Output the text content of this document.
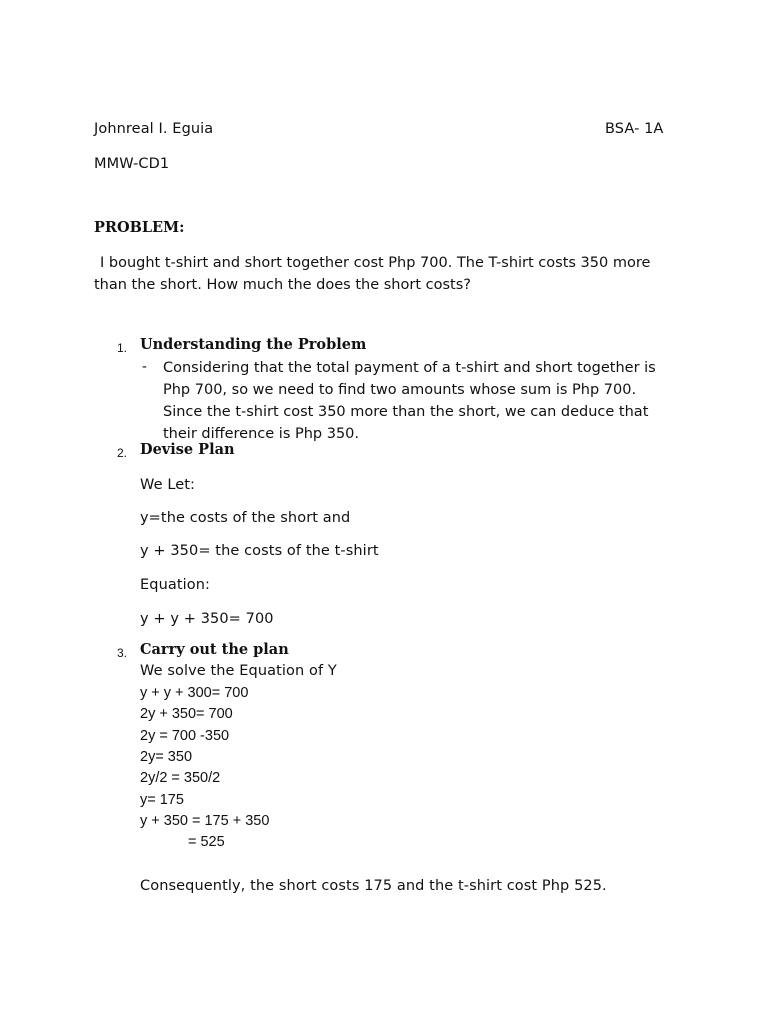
Johnreal I. Eguia	BSA- 1A
MMW-CD1
PROBLEM:
I bought t-shirt and short together cost Php 700. The T-shirt costs 350 more than the short. How much the does the short costs?
1. Understanding the Problem
- Considering that the total payment of a t-shirt and short together is Php 700, so we need to find two amounts whose sum is Php 700. Since the t-shirt cost 350 more than the short, we can deduce that their difference is Php 350.
2. Devise Plan
We Let:
y=the costs of the short and
y + 350= the costs of the t-shirt
Equation:
y + y + 350= 700
3. Carry out the plan
We solve the Equation of Y
y + y + 300= 700
2y + 350= 700
2y = 700 -350
2y= 350
2y/2 = 350/2
y= 175
y + 350 = 175 + 350
= 525
Consequently, the short costs 175 and the t-shirt cost Php 525.
